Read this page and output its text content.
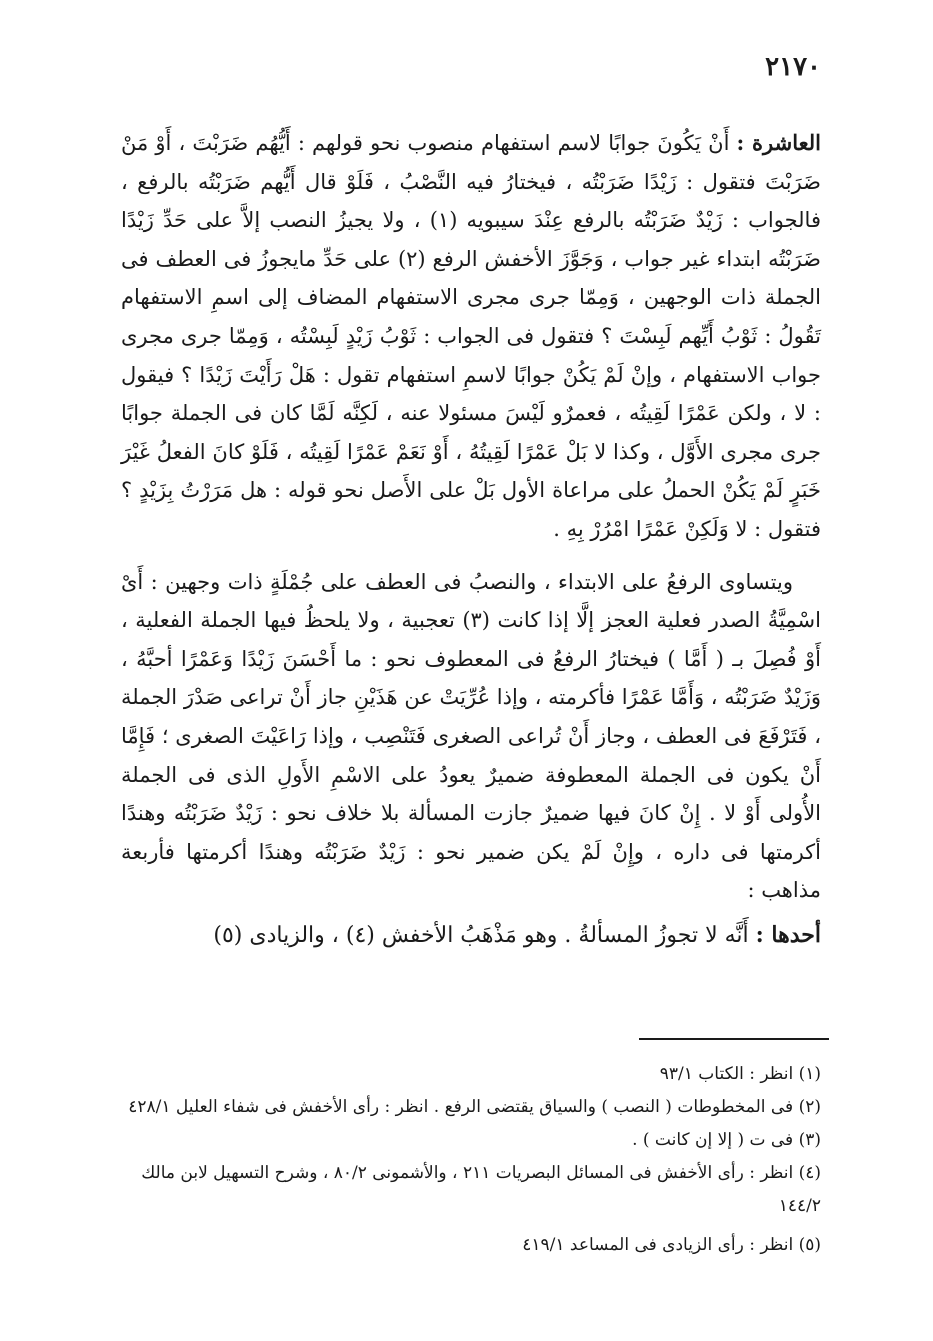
٢١٧٠

العاشرة : أَنْ يَكُونَ جوابًا لاسم استفهام منصوب نحو قولهم : أَيُّهُم ضَرَبْتَ ، أَوْ مَنْ ضَرَبْتَ فتقول : زَيْدًا ضَرَبْتُه ، فيختارُ فيه النَّصْبُ ، فَلَوْ قال أَيُّهم ضَرَبْتُه بالرفع ، فالجواب : زَيْدٌ ضَرَبْتُه بالرفع عِنْدَ سيبويه (١) ، ولا يجيزُ النصب إلاَّ على حَدِّ زَيْدًا ضَرَبْتُه ابتداء غير جواب ، وَجَوَّزَ الأخفش الرفع (٢) على حَدِّ مايجوزُ فى العطف فى الجملة ذات الوجهين ، وَمِمّا جرى مجرى الاستفهام المضاف إلى اسمِ الاستفهام تَقُولُ : ثَوْبُ أَيِّهم لَبِسْتَ ؟ فتقول فى الجواب : ثَوْبُ زَيْدٍ لَبِسْتُه ، وَمِمّا جرى مجرى جواب الاستفهام ، وإنْ لَمْ يَكُنْ جوابًا لاسمِ استفهام تقول : هَلْ رَأَيْتَ زَيْدًا ؟ فيقول : لا ، ولكن عَمْرًا لَقِيتُه ، فعمرٌو لَيْسَ مسئولا عنه ، لَكِنَّه لَمَّا كان فى الجملة جوابًا جرى مجرى الأَوَّل ، وكذا لا بَلْ عَمْرًا لَقِيتُهُ ، أَوْ نَعَمْ عَمْرًا لَقِيتُه ، فَلَوْ كانَ الفعلُ غَيْرَ خَبَرٍ لَمْ يَكُنْ الحملُ على مراعاة الأول بَلْ على الأَصل نحو قوله : هل مَرَرْتُ بِزَيْدٍ ؟ فتقول : لا وَلَكِنْ عَمْرًا امْرُرْ بِهِ .

ويتساوى الرفعُ على الابتداء ، والنصبُ فى العطف على جُمْلَةٍ ذات وجهين : أَىْ اسْمِيَّةُ الصدر فعلية العجز إلَّا إذا كانت (٣) تعجبية ، ولا يلحظُ فيها الجملة الفعلية ، أَوْ فُصِلَ بـ ( أَمَّا ) فيختارُ الرفعُ فى المعطوف نحو : ما أَحْسَنَ زَيْدًا وَعَمْرًا أحبَّهُ ، وَزَيْدٌ ضَرَبْتُه ، وَأَمَّا عَمْرًا فأكرمته ، وإذا عُرِّيَتْ عن هَذَيْنِ جاز أَنْ تراعى صَدْرَ الجملة ، فَتَرْفَعَ فى العطف ، وجاز أَنْ تُراعى الصغرى فَتَنْصِب ، وإذا رَاعَيْتَ الصغرى ؛ فَإِمَّا أَنْ يكون فى الجملة المعطوفة ضميرٌ يعودُ على الاسْمِ الأَولِ الذى فى الجملة الأُولى أَوْ لا . إِنْ كانَ فيها ضميرٌ جازت المسألة بلا خلاف نحو : زَيْدٌ ضَرَبْتُه وهندًا أكرمتها فى داره ، وإِنْ لَمْ يكن ضمير نحو : زَيْدٌ ضَرَبْتُه وهندًا أكرمتها فأربعة مذاهب :

أحدها : أَنَّه لا تجوزُ المسألةُ . وهو مَذْهَبُ الأخفش (٤) ، والزيادى (٥)

(١) انظر : الكتاب ٩٣/١
(٢) فى المخطوطات ( النصب ) والسياق يقتضى الرفع . انظر : رأى الأخفش فى شفاء العليل ٤٢٨/١
(٣) فى ت ( إلا إن كانت ) .
(٤) انظر : رأى الأخفش فى المسائل البصريات ٢١١ ، والأشمونى ٨٠/٢ ، وشرح التسهيل لابن مالك ١٤٤/٢
(٥) انظر : رأى الزيادى فى المساعد ٤١٩/١
